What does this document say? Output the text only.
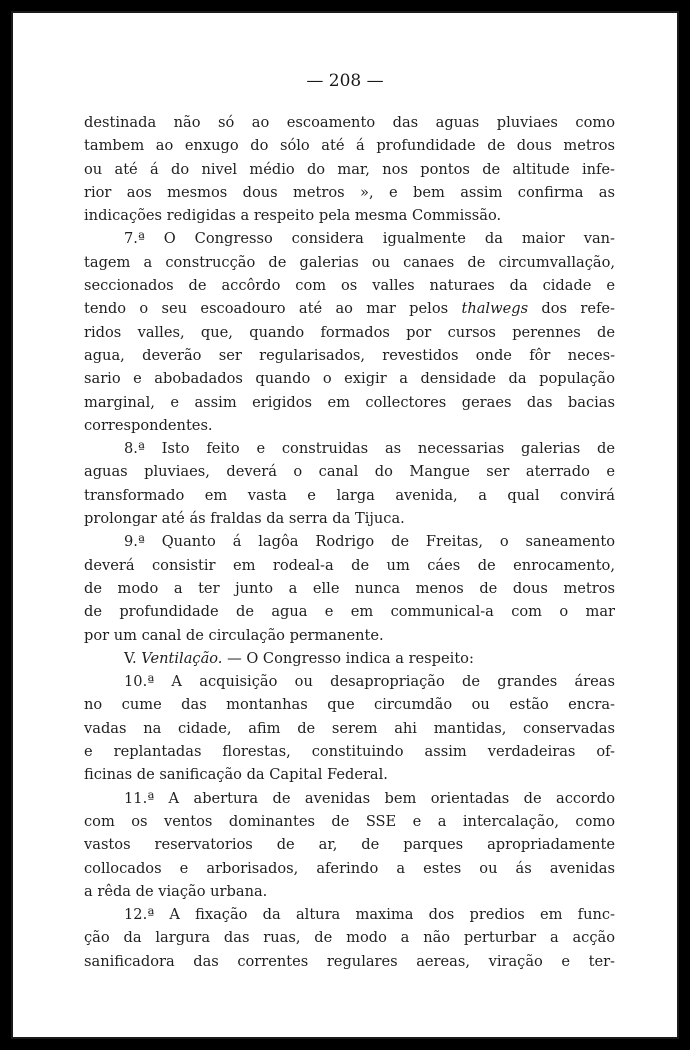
— 208 —
destinada não só ao escoamento das aguas pluviaes como
tambem ao enxugo do sólo até á profundidade de dous metros
ou até á do nivel médio do mar, nos pontos de altitude infe-
rior aos mesmos dous metros », e bem assim confirma as
indicações redigidas a respeito pela mesma Commissão.
7.ª O Congresso considera igualmente da maior van-
tagem a construcção de galerias ou canaes de circumvallação,
seccionados de accôrdo com os valles naturaes da cidade e
tendo o seu escoadouro até ao mar pelos thalwegs dos refe-
ridos valles, que, quando formados por cursos perennes de
agua, deverão ser regularisados, revestidos onde fôr neces-
sario e abobadados quando o exigir a densidade da população
marginal, e assim erigidos em collectores geraes das bacias
correspondentes.
8.ª Isto feito e construidas as necessarias galerias de
aguas pluviaes, deverá o canal do Mangue ser aterrado e
transformado em vasta e larga avenida, a qual convirá
prolongar até ás fraldas da serra da Tijuca.
9.ª Quanto á lagôa Rodrigo de Freitas, o saneamento
deverá consistir em rodeal-a de um cáes de enrocamento,
de modo a ter junto a elle nunca menos de dous metros
de profundidade de agua e em communical-a com o mar
por um canal de circulação permanente.
V. Ventilação. — O Congresso indica a respeito:
10.ª A acquisição ou desapropriação de grandes áreas
no cume das montanhas que circumdão ou estão encra-
vadas na cidade, afim de serem ahi mantidas, conservadas
e replantadas florestas, constituindo assim verdadeiras of-
ficinas de sanificação da Capital Federal.
11.ª A abertura de avenidas bem orientadas de accordo
com os ventos dominantes de SSE e a intercalação, como
vastos reservatorios de ar, de parques apropriadamente
collocados e arborisados, aferindo a estes ou ás avenidas
a rêda de viação urbana.
12.ª A fixação da altura maxima dos predios em func-
ção da largura das ruas, de modo a não perturbar a acção
sanificadora das correntes regulares aereas, viração e ter-
